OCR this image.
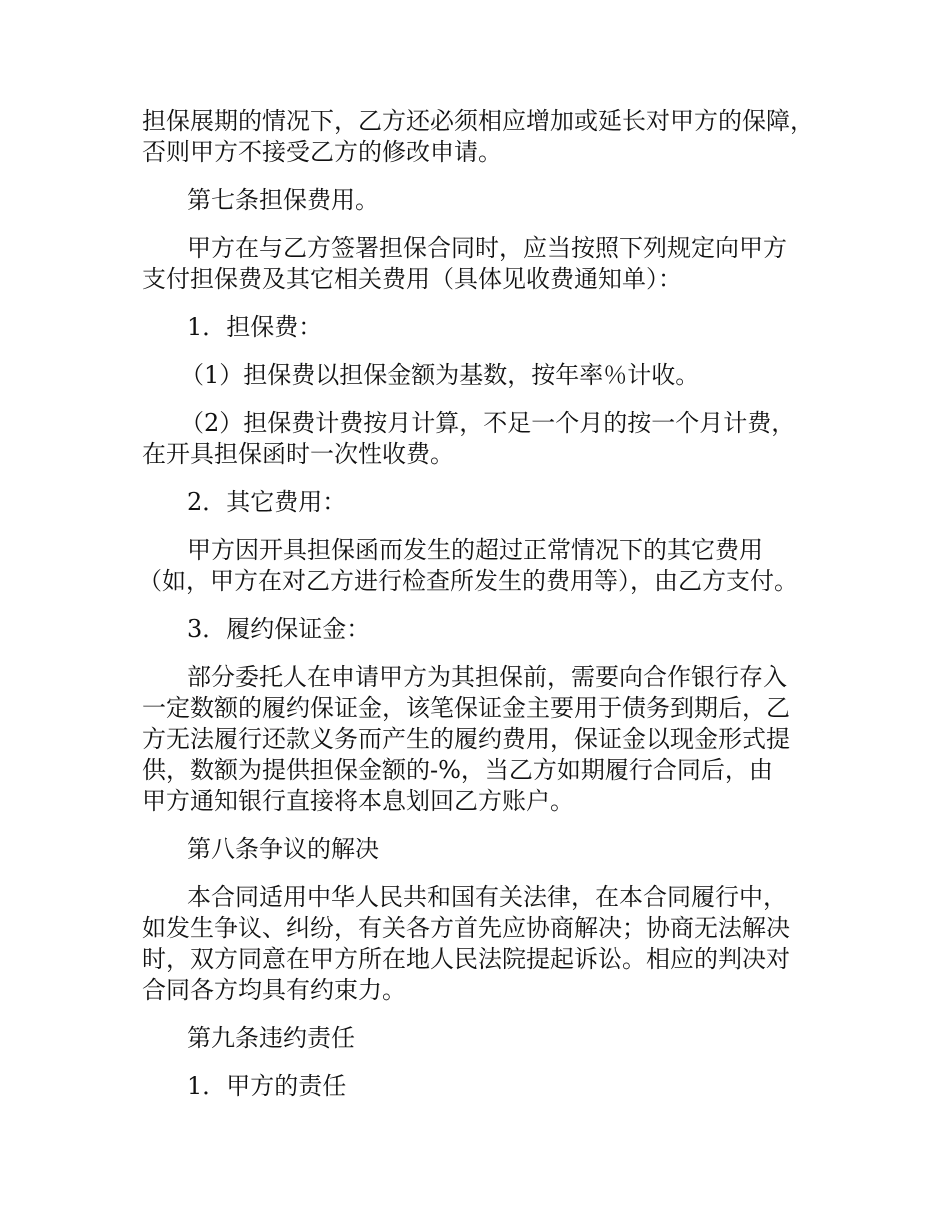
担保展期的情况下，乙方还必须相应增加或延长对甲方的保障，
否则甲方不接受乙方的修改申请。

第七条担保费用。

甲方在与乙方签署担保合同时，应当按照下列规定向甲方
支付担保费及其它相关费用（具体见收费通知单）：

1．担保费：

（1）担保费以担保金额为基数，按年率％计收。

（2）担保费计费按月计算，不足一个月的按一个月计费，
在开具担保函时一次性收费。

2．其它费用：

甲方因开具担保函而发生的超过正常情况下的其它费用
（如，甲方在对乙方进行检查所发生的费用等），由乙方支付。

3．履约保证金：

部分委托人在申请甲方为其担保前，需要向合作银行存入
一定数额的履约保证金，该笔保证金主要用于债务到期后，乙
方无法履行还款义务而产生的履约费用，保证金以现金形式提
供，数额为提供担保金额的-%，当乙方如期履行合同后，由
甲方通知银行直接将本息划回乙方账户。

第八条争议的解决

本合同适用中华人民共和国有关法律，在本合同履行中，
如发生争议、纠纷，有关各方首先应协商解决；协商无法解决
时，双方同意在甲方所在地人民法院提起诉讼。相应的判决对
合同各方均具有约束力。

第九条违约责任

1．甲方的责任
